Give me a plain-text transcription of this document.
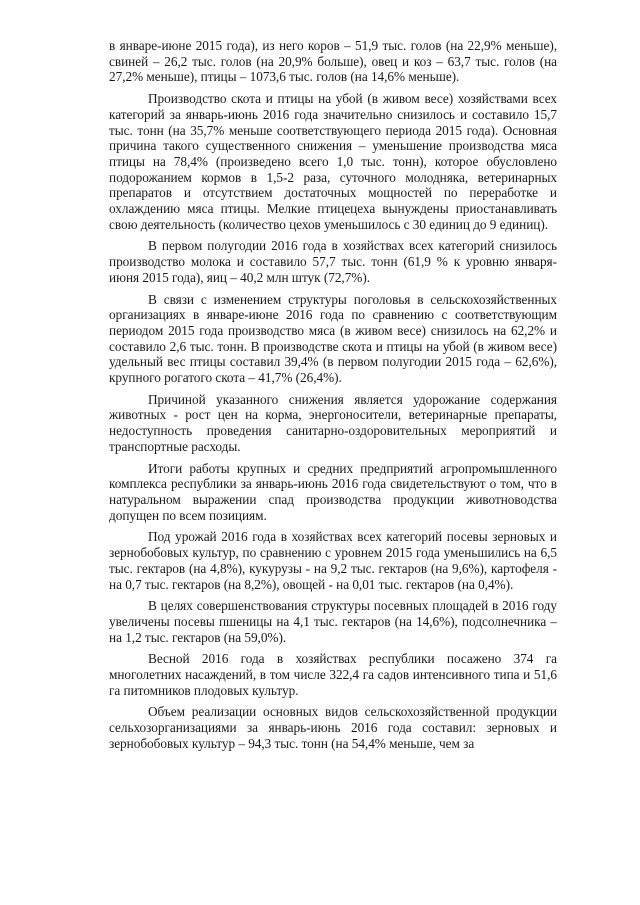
в январе-июне 2015 года), из него коров – 51,9 тыс. голов (на 22,9% меньше), свиней – 26,2 тыс. голов (на 20,9% больше), овец и коз – 63,7 тыс. голов (на 27,2% меньше), птицы – 1073,6 тыс. голов (на 14,6% меньше).

Производство скота и птицы на убой (в живом весе) хозяйствами всех категорий за январь-июнь 2016 года значительно снизилось и составило 15,7 тыс. тонн (на 35,7% меньше соответствующего периода 2015 года). Основная причина такого существенного снижения – уменьшение производства мяса птицы на 78,4% (произведено всего 1,0 тыс. тонн), которое обусловлено подорожанием кормов в 1,5-2 раза, суточного молодняка, ветеринарных препаратов и отсутствием достаточных мощностей по переработке и охлаждению мяса птицы. Мелкие птицецеха вынуждены приостанавливать свою деятельность (количество цехов уменьшилось с 30 единиц до 9 единиц).

В первом полугодии 2016 года в хозяйствах всех категорий снизилось производство молока и составило 57,7 тыс. тонн (61,9 % к уровню января-июня 2015 года), яиц – 40,2 млн штук (72,7%).

В связи с изменением структуры поголовья в сельскохозяйственных организациях в январе-июне 2016 года по сравнению с соответствующим периодом 2015 года производство мяса (в живом весе) снизилось на 62,2% и составило 2,6 тыс. тонн. В производстве скота и птицы на убой (в живом весе) удельный вес птицы составил 39,4% (в первом полугодии 2015 года – 62,6%), крупного рогатого скота – 41,7% (26,4%).

Причиной указанного снижения является удорожание содержания животных - рост цен на корма, энергоносители, ветеринарные препараты, недоступность проведения санитарно-оздоровительных мероприятий и транспортные расходы.

Итоги работы крупных и средних предприятий агропромышленного комплекса республики за январь-июнь 2016 года свидетельствуют о том, что в натуральном выражении спад производства продукции животноводства допущен по всем позициям.

Под урожай 2016 года в хозяйствах всех категорий посевы зерновых и зернобобовых культур, по сравнению с уровнем 2015 года уменьшились на 6,5 тыс. гектаров (на 4,8%), кукурузы - на 9,2 тыс. гектаров (на 9,6%), картофеля - на 0,7 тыс. гектаров (на 8,2%), овощей - на 0,01 тыс. гектаров (на 0,4%).

В целях совершенствования структуры посевных площадей в 2016 году увеличены посевы пшеницы на 4,1 тыс. гектаров (на 14,6%), подсолнечника – на 1,2 тыс. гектаров (на 59,0%).

Весной 2016 года в хозяйствах республики посажено 374 га многолетних насаждений, в том числе 322,4 га садов интенсивного типа и 51,6 га питомников плодовых культур.

Объем реализации основных видов сельскохозяйственной продукции сельхозорганизациями за январь-июнь 2016 года составил: зерновых и зернобобовых культур – 94,3 тыс. тонн (на 54,4% меньше, чем за
